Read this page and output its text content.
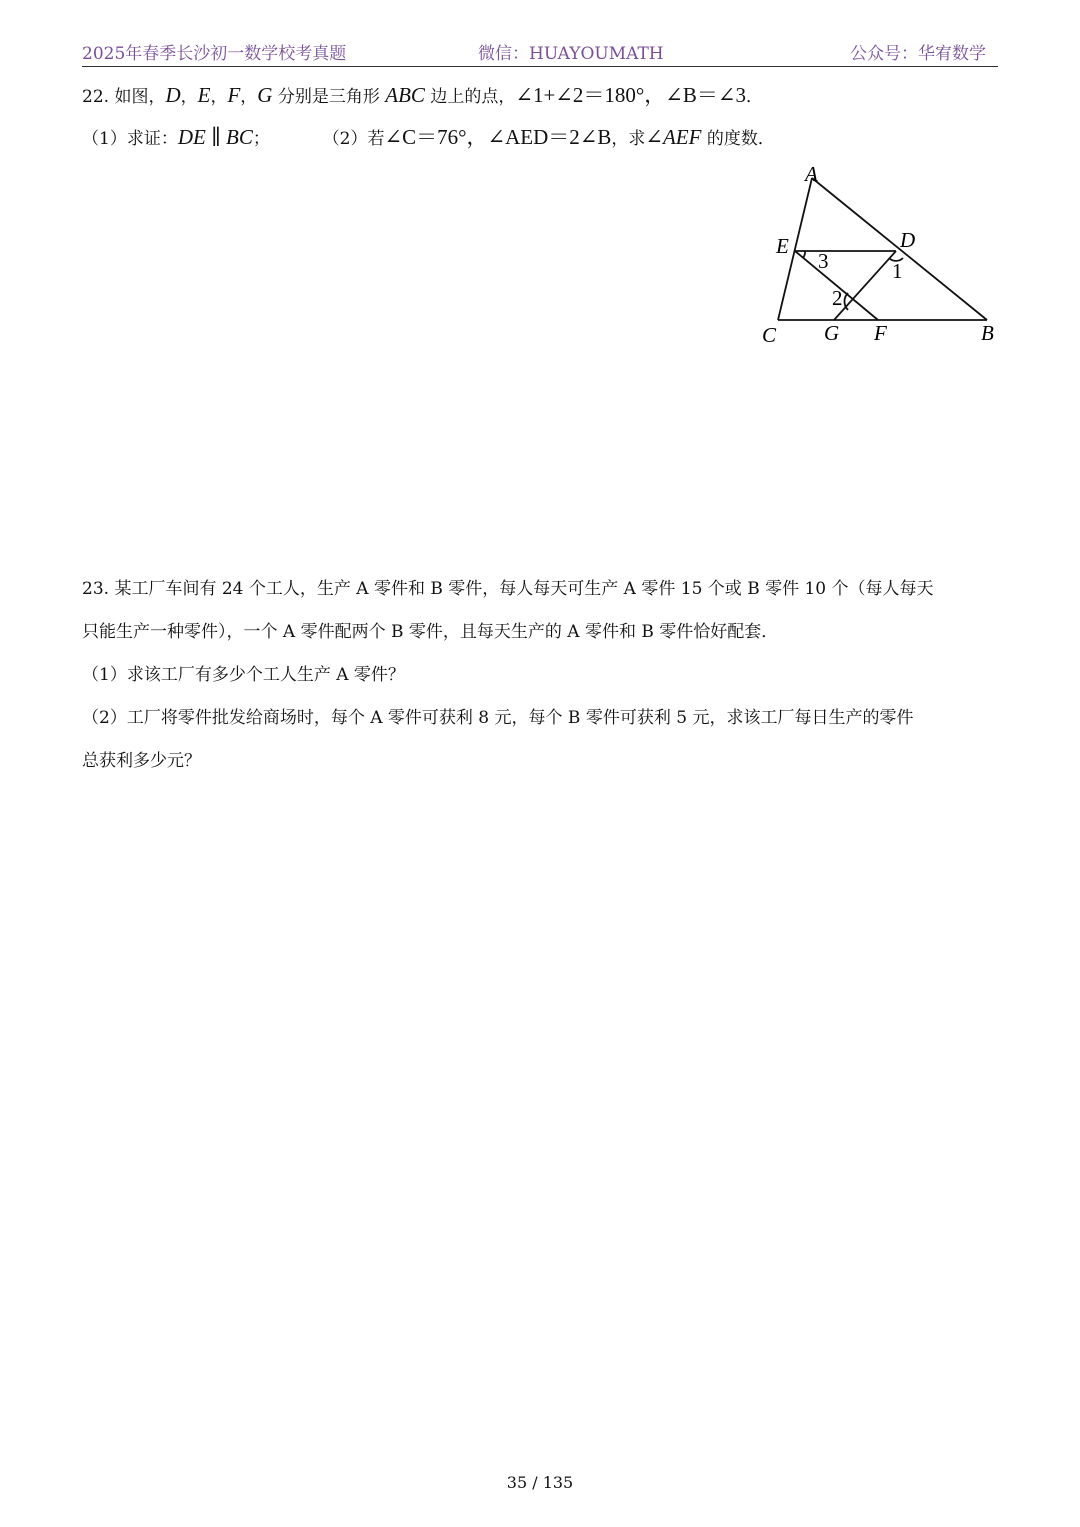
2025年春季长沙初一数学校考真题	微信：HUAYOUMATH	公众号：华宥数学
22. 如图，D，E，F，G 分别是三角形 ABC 边上的点，∠1+∠2＝180°，∠B＝∠3．
（1）求证：DE ∥ BC；	（2）若∠C＝76°，∠AED＝2∠B，求∠AEF 的度数．
A
E	D
C G F	B
3	1
2
23. 某工厂车间有 24 个工人，生产 A 零件和 B 零件，每人每天可生产 A 零件 15 个或 B 零件 10 个（每人每天
只能生产一种零件），一个 A 零件配两个 B 零件，且每天生产的 A 零件和 B 零件恰好配套．
（1）求该工厂有多少个工人生产 A 零件？
（2）工厂将零件批发给商场时，每个 A 零件可获利 8 元，每个 B 零件可获利 5 元，求该工厂每日生产的零件
总获利多少元？
35 / 135
